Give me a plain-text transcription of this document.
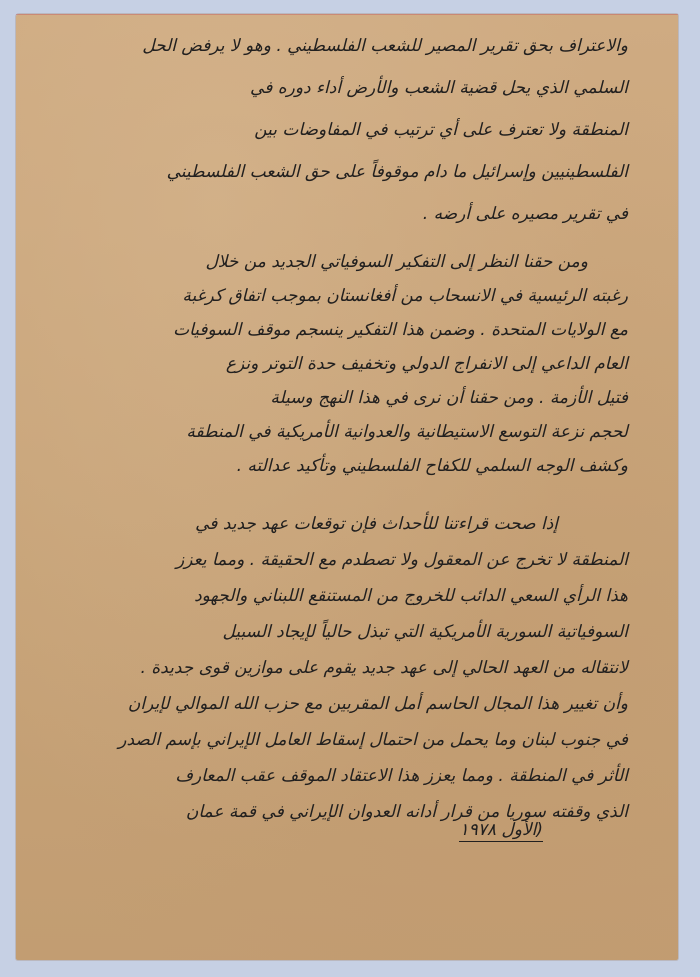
والاعتراف بحق تقرير المصير للشعب الفلسطيني . وهو لا يرفض الحل
السلمي الذي يحل قضية الشعب والأرض أداء دوره في
المنطقة ولا تعترف على أي ترتيب في المفاوضات بين
الفلسطينيين وإسرائيل ما دام موقوفاً على حق الشعب الفلسطيني
في تقرير مصيره على أرضه .
ومن حقنا النظر إلى التفكير السوفياتي الجديد من خلال
رغبته الرئيسية في الانسحاب من أفغانستان بموجب اتفاق كرغبة
مع الولايات المتحدة . وضمن هذا التفكير ينسجم موقف السوفيات
العام الداعي إلى الانفراج الدولي وتخفيف حدة التوتر ونزع
فتيل الأزمة . ومن حقنا أن نرى في هذا النهج وسيلة
لحجم نزعة التوسع الاستيطانية والعدوانية الأمريكية في المنطقة
وكشف الوجه السلمي للكفاح الفلسطيني وتأكيد عدالته .
إذا صحت قراءتنا للأحداث فإن توقعات عهد جديد في
المنطقة لا تخرج عن المعقول ولا تصطدم مع الحقيقة . ومما يعزز
هذا الرأي السعي الدائب للخروج من المستنقع اللبناني والجهود
السوفياتية السورية الأمريكية التي تبذل حالياً لإيجاد السبيل
لانتقاله من العهد الحالي إلى عهد جديد يقوم على موازين قوى جديدة .
وأن تغيير هذا المجال الحاسم أمل المقربين مع حزب الله الموالي لإيران
في جنوب لبنان وما يحمل من احتمال إسقاط العامل الإيراني بإسم الصدر
الأثر في المنطقة . ومما يعزز هذا الاعتقاد الموقف عقب المعارف
الذي وقفته سوريا من قرار أدانه العدوان الإيراني في قمة عمان
(الأول ١٩٧٨
